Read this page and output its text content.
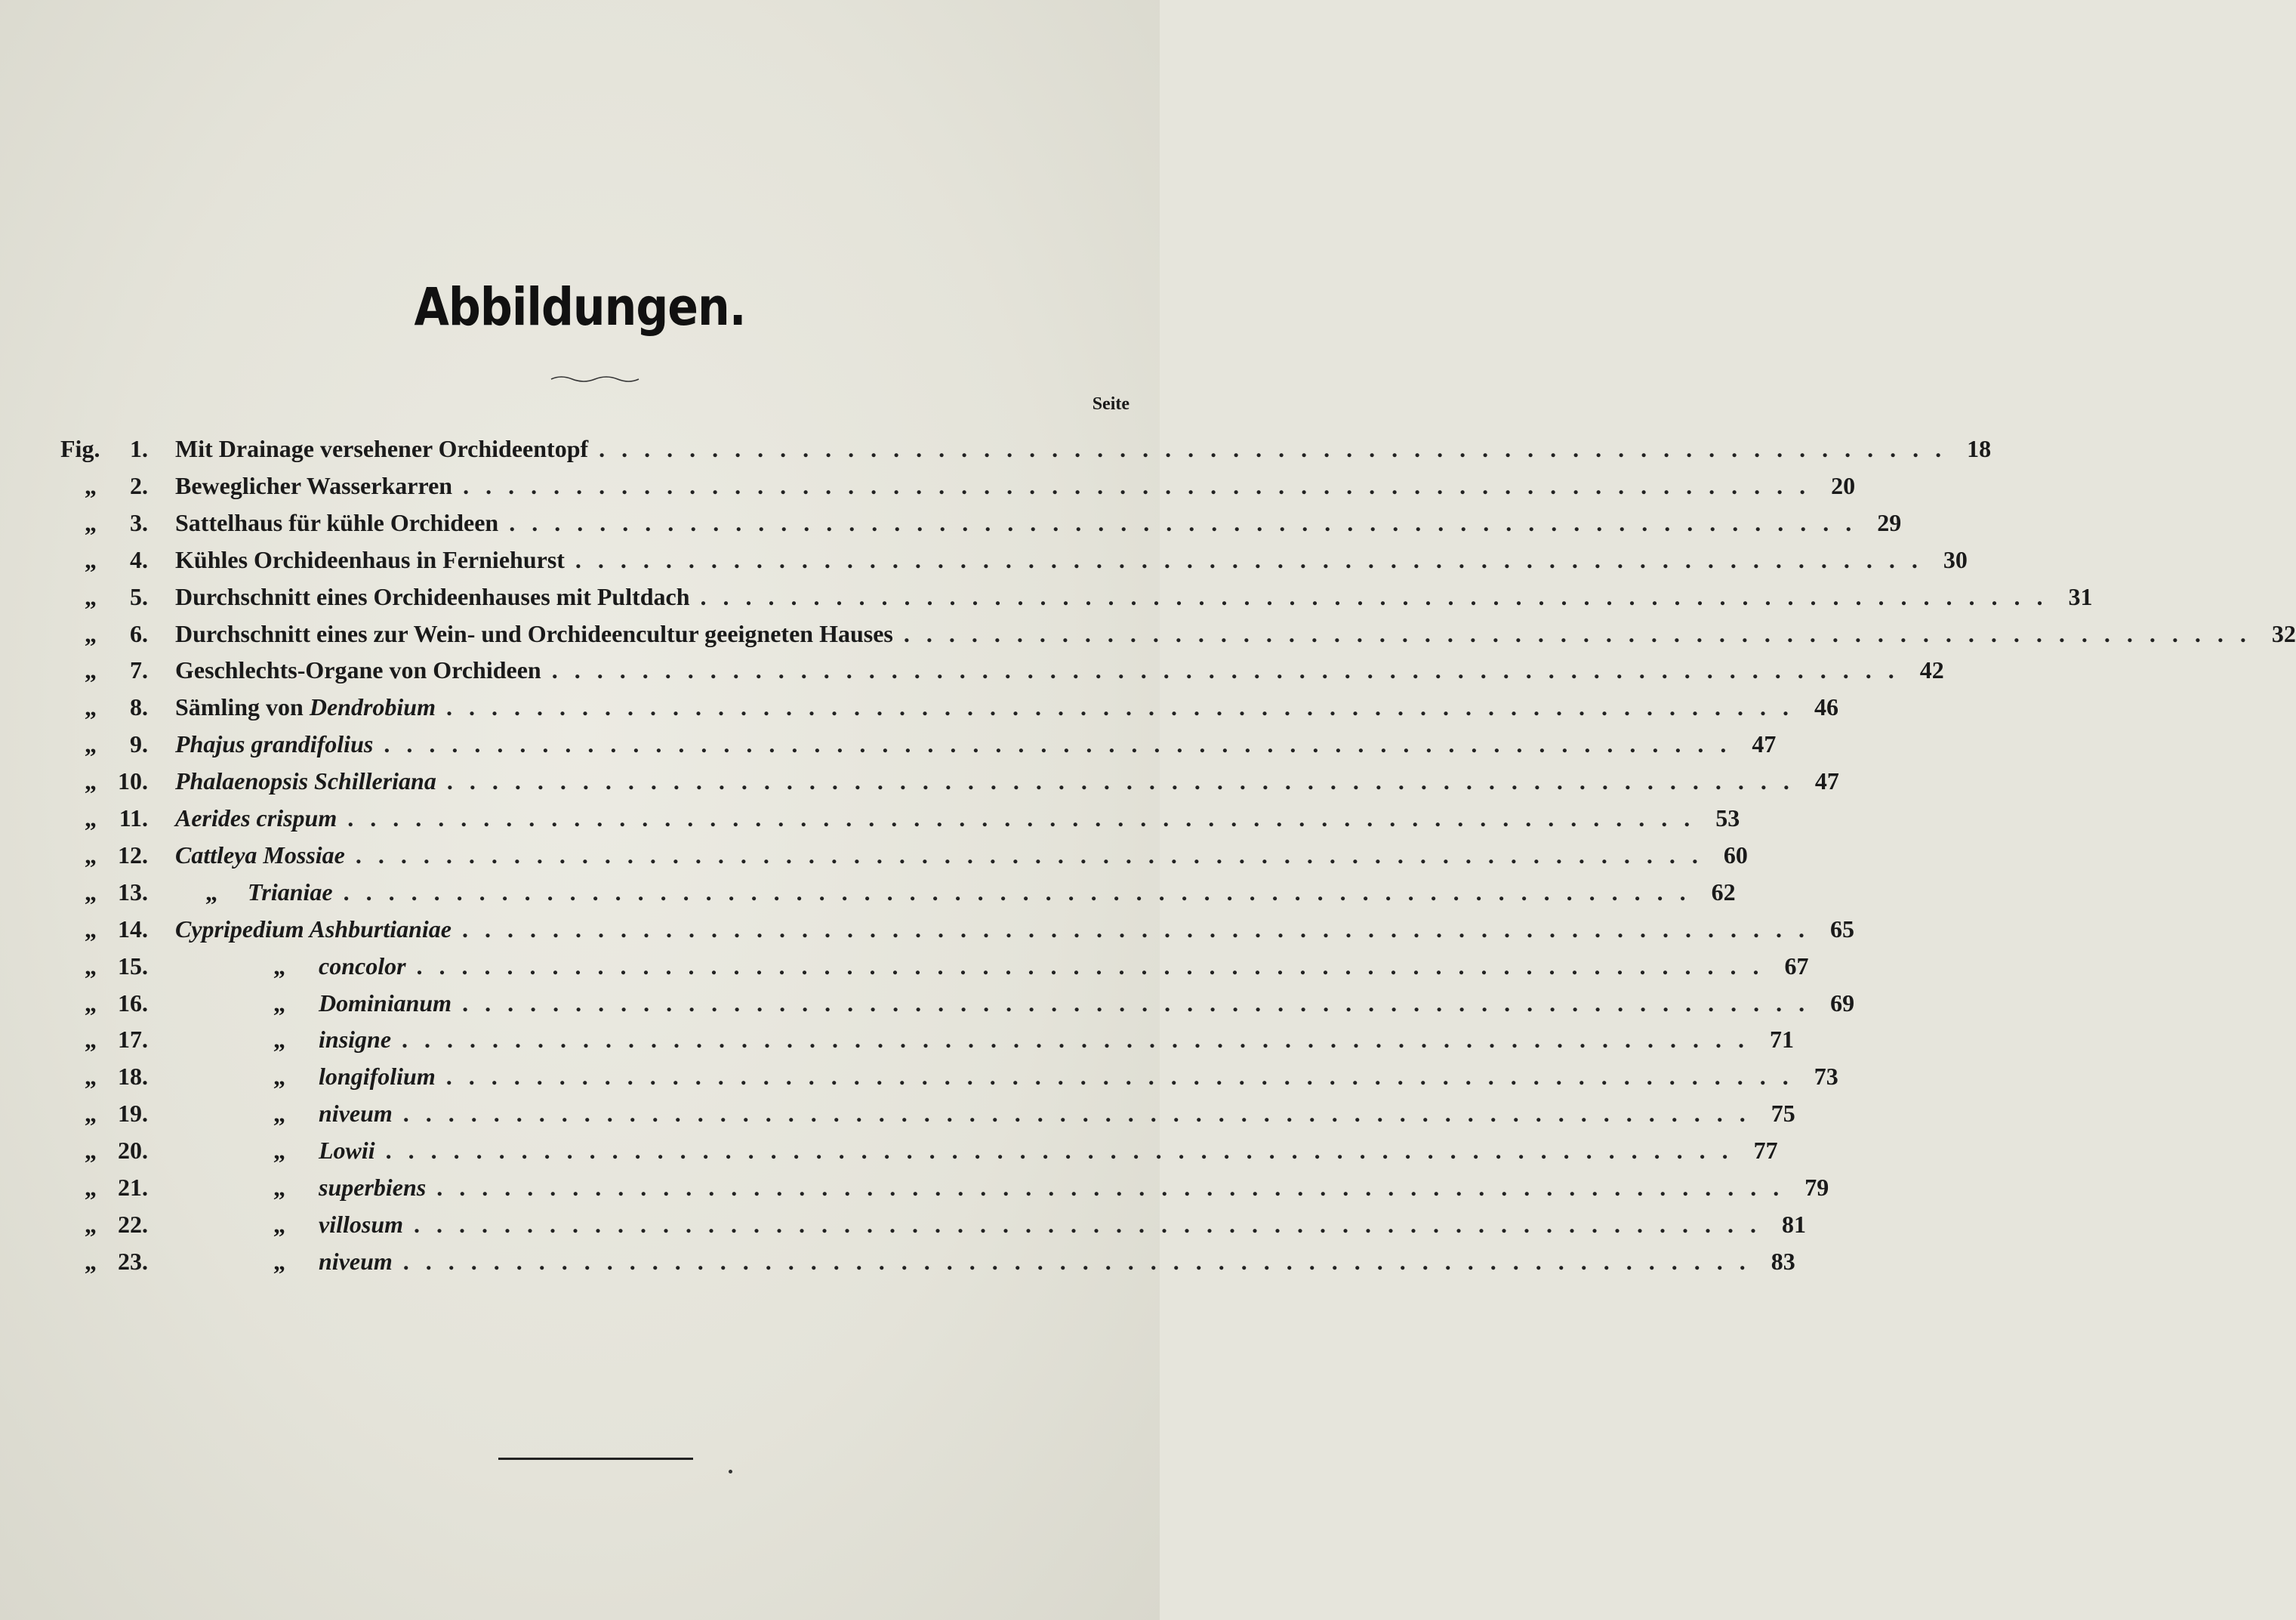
Abbildungen.
Seite
Fig.	1. Mit Drainage versehener Orchideentopf ............................................................ 18
„	2. Beweglicher Wasserkarren ............................................................ 20
„	3. Sattelhaus für kühle Orchideen ............................................................ 29
„	4. Kühles Orchideenhaus in Ferniehurst ............................................................ 30
„	5. Durchschnitt eines Orchideenhauses mit Pultdach ............................................................ 31
„	6. Durchschnitt eines zur Wein- und Orchideencultur geeigneten Hauses ............................................................ 32
„	7. Geschlechts-Organe von Orchideen ............................................................ 42
„	8. Sämling von Dendrobium ............................................................ 46
„	9. Phajus grandifolius ............................................................ 47
„ 10. Phalaenopsis Schilleriana ............................................................ 47
„ 11. Aerides crispum ............................................................ 53
„ 12. Cattleya Mossiae ............................................................ 60
„ 13.	„ Trianiae ............................................................ 62
„ 14. Cypripedium Ashburtianiae ............................................................ 65
„ 15.	„ concolor ............................................................ 67
„ 16.	„ Dominianum ............................................................ 69
„ 17.	„ insigne ............................................................ 71
„ 18.	„ longifolium ............................................................ 73
„ 19.	„ niveum ............................................................ 75
„ 20.	„ Lowii ............................................................ 77
„ 21.	„ superbiens ............................................................ 79
„ 22.	„ villosum ............................................................ 81
„ 23.	„ niveum ............................................................ 83
